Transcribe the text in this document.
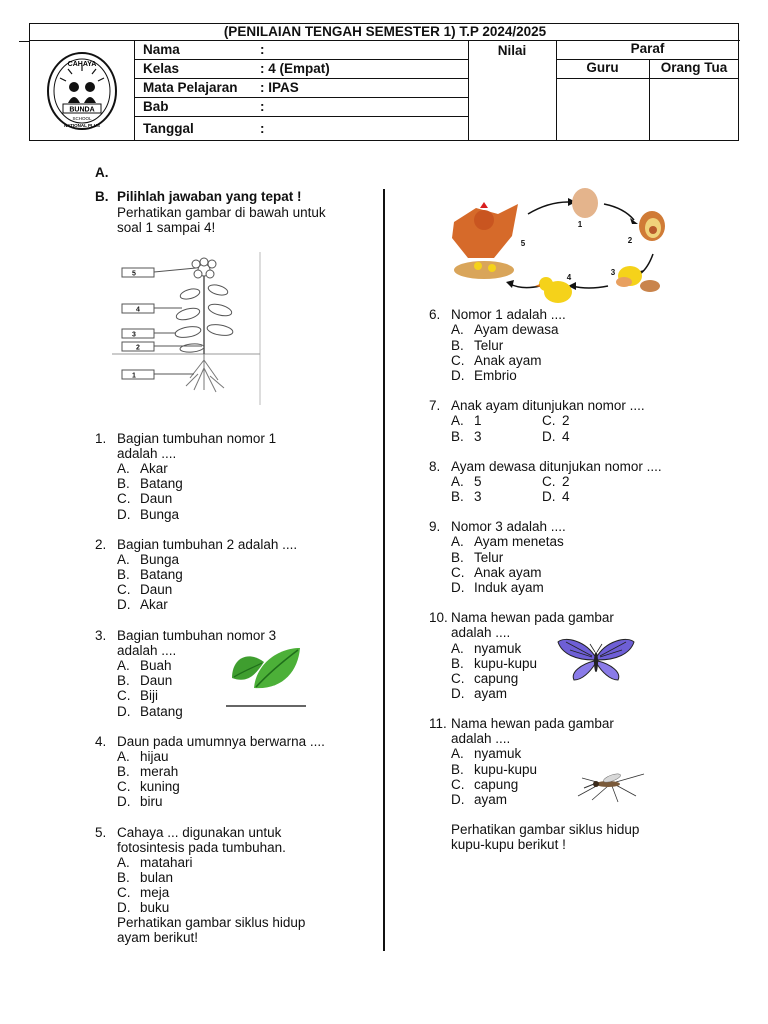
(PENILAIAN TENGAH SEMESTER 1) T.P 2024/2025
CAHAYA
BUNDA
SCHOOL
NATIONAL PLUS
Nama	:
Kelas	: 4 (Empat)
Mata Pelajaran : IPAS
Bab	:
Tanggal	:
Nilai	Paraf
Guru	Orang Tua
A.
B. Pilihlah jawaban yang tepat !
Perhatikan gambar di bawah untuk
soal 1 sampai 4!
5
4
3
2
1
1. Bagian tumbuhan nomor 1
adalah ....
A. Akar
B. Batang
C. Daun
D. Bunga
2. Bagian tumbuhan 2 adalah ....
A. Bunga
B. Batang
C. Daun
D. Akar
3. Bagian tumbuhan nomor 3
adalah ....
A. Buah
B. Daun
C. Biji
D. Batang
4. Daun pada umumnya berwarna ....
A. hijau
B. merah
C. kuning
D. biru
5. Cahaya ... digunakan untuk
fotosintesis pada tumbuhan.
A. matahari
B. bulan
C. meja
D. buku
Perhatikan gambar siklus hidup
ayam berikut!
1
2
3
4
5
6. Nomor 1 adalah ....
A. Ayam dewasa
B. Telur
C. Anak ayam
D. Embrio
7. Anak ayam ditunjukan nomor ....
A. 1	C. 2
B. 3	D. 4
8. Ayam dewasa ditunjukan nomor ....
A. 5	C. 2
B. 3	D. 4
9. Nomor 3 adalah ....
A. Ayam menetas
B. Telur
C. Anak ayam
D. Induk ayam
10. Nama hewan pada gambar
adalah ....
A. nyamuk
B. kupu-kupu
C. capung
D. ayam
11. Nama hewan pada gambar
adalah ....
A. nyamuk
B. kupu-kupu
C. capung
D. ayam
Perhatikan gambar siklus hidup
kupu-kupu berikut !
